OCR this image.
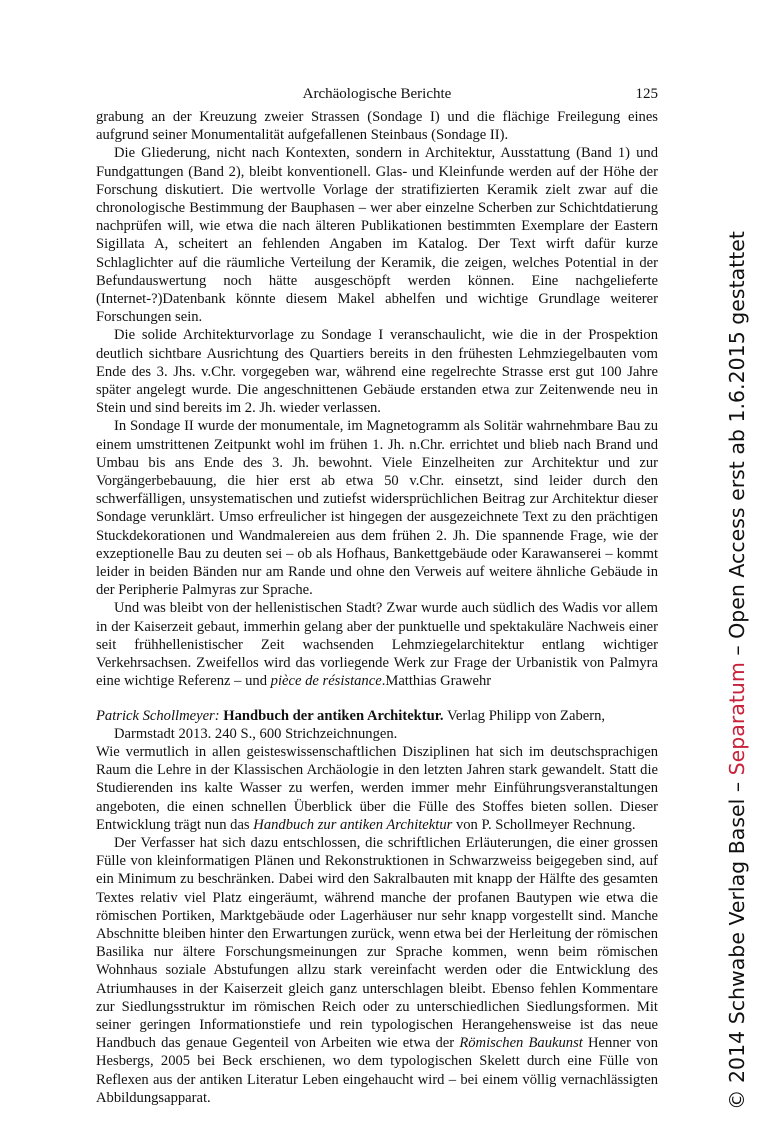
Archäologische Berichte	125

grabung an der Kreuzung zweier Strassen (Sondage I) und die flächige Freilegung eines aufgrund seiner Monumentalität aufgefallenen Steinbaus (Sondage II).

Die Gliederung, nicht nach Kontexten, sondern in Architektur, Ausstattung (Band 1) und Fundgattungen (Band 2), bleibt konventionell. Glas- und Kleinfunde werden auf der Höhe der Forschung diskutiert. Die wertvolle Vorlage der stratifizierten Keramik zielt zwar auf die chronologische Bestimmung der Bauphasen – wer aber einzelne Scherben zur Schichtdatierung nachprüfen will, wie etwa die nach älteren Publikationen bestimmten Exemplare der Eastern Sigillata A, scheitert an fehlenden Angaben im Katalog. Der Text wirft dafür kurze Schlaglichter auf die räumliche Verteilung der Keramik, die zeigen, welches Potential in der Befundauswertung noch hätte ausgeschöpft werden können. Eine nachgelieferte (Internet-?)Datenbank könnte diesem Makel abhelfen und wichtige Grundlage weiterer Forschungen sein.

Die solide Architekturvorlage zu Sondage I veranschaulicht, wie die in der Prospektion deutlich sichtbare Ausrichtung des Quartiers bereits in den frühesten Lehmziegelbauten vom Ende des 3. Jhs. v.Chr. vorgegeben war, während eine regelrechte Strasse erst gut 100 Jahre später angelegt wurde. Die angeschnittenen Gebäude erstanden etwa zur Zeitenwende neu in Stein und sind bereits im 2. Jh. wieder verlassen.

In Sondage II wurde der monumentale, im Magnetogramm als Solitär wahrnehmbare Bau zu einem umstrittenen Zeitpunkt wohl im frühen 1. Jh. n.Chr. errichtet und blieb nach Brand und Umbau bis ans Ende des 3. Jh. bewohnt. Viele Einzelheiten zur Architektur und zur Vorgängerbebauung, die hier erst ab etwa 50 v.Chr. einsetzt, sind leider durch den schwerfälligen, unsystematischen und zutiefst widersprüchlichen Beitrag zur Architektur dieser Sondage verunklärt. Umso erfreulicher ist hingegen der ausgezeichnete Text zu den prächtigen Stuckdekorationen und Wandmalereien aus dem frühen 2. Jh. Die spannende Frage, wie der exzeptionelle Bau zu deuten sei – ob als Hofhaus, Bankettgebäude oder Karawanserei – kommt leider in beiden Bänden nur am Rande und ohne den Verweis auf weitere ähnliche Gebäude in der Peripherie Palmyras zur Sprache.

Und was bleibt von der hellenistischen Stadt? Zwar wurde auch südlich des Wadis vor allem in der Kaiserzeit gebaut, immerhin gelang aber der punktuelle und spektakuläre Nachweis einer seit frühhellenistischer Zeit wachsenden Lehmziegelarchitektur entlang wichtiger Verkehrsachsen. Zweifellos wird das vorliegende Werk zur Frage der Urbanistik von Palmyra eine wichtige Referenz – und pièce de résistance.Matthias Grawehr

Patrick Schollmeyer: Handbuch der antiken Architektur. Verlag Philipp von Zabern, Darmstadt 2013. 240 S., 600 Strichzeichnungen.

Wie vermutlich in allen geisteswissenschaftlichen Disziplinen hat sich im deutschsprachigen Raum die Lehre in der Klassischen Archäologie in den letzten Jahren stark gewandelt. Statt die Studierenden ins kalte Wasser zu werfen, werden immer mehr Einführungsveranstaltungen angeboten, die einen schnellen Überblick über die Fülle des Stoffes bieten sollen. Dieser Entwicklung trägt nun das Handbuch zur antiken Architektur von P. Schollmeyer Rechnung.

Der Verfasser hat sich dazu entschlossen, die schriftlichen Erläuterungen, die einer grossen Fülle von kleinformatigen Plänen und Rekonstruktionen in Schwarzweiss beigegeben sind, auf ein Minimum zu beschränken. Dabei wird den Sakralbauten mit knapp der Hälfte des gesamten Textes relativ viel Platz eingeräumt, während manche der profanen Bautypen wie etwa die römischen Portiken, Marktgebäude oder Lagerhäuser nur sehr knapp vorgestellt sind. Manche Abschnitte bleiben hinter den Erwartungen zurück, wenn etwa bei der Herleitung der römischen Basilika nur ältere Forschungsmeinungen zur Sprache kommen, wenn beim römischen Wohnhaus soziale Abstufungen allzu stark vereinfacht werden oder die Entwicklung des Atriumhauses in der Kaiserzeit gleich ganz unterschlagen bleibt. Ebenso fehlen Kommentare zur Siedlungsstruktur im römischen Reich oder zu unterschiedlichen Siedlungsformen. Mit seiner geringen Informationstiefe und rein typologischen Herangehensweise ist das neue Handbuch das genaue Gegenteil von Arbeiten wie etwa der Römischen Baukunst Henner von Hesbergs, 2005 bei Beck erschienen, wo dem typologischen Skelett durch eine Fülle von Reflexen aus der antiken Literatur Leben eingehaucht wird – bei einem völlig vernachlässigten Abbildungsapparat.	© 2014 Schwabe Verlag Basel – Separatum – Open Access erst ab 1.6.2015 gestattet
